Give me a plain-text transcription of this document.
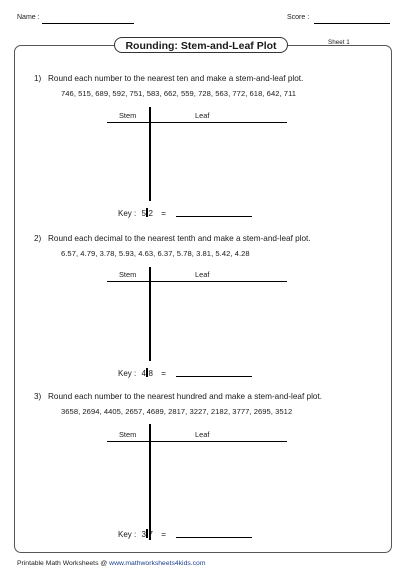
Name :	Score :
Rounding: Stem-and-Leaf Plot	Sheet 1
1) Round each number to the nearest ten and make a stem-and-leaf plot.
746, 515, 689, 592, 751, 583, 662, 559, 728, 563, 772, 618, 642, 711
Stem	Leaf
Key : 5 2 =
2) Round each decimal to the nearest tenth and make a stem-and-leaf plot.
6.57, 4.79, 3.78, 5.93, 4.63, 6.37, 5.78, 3.81, 5.42, 4.28
Stem	Leaf
Key : 4 8 =
3) Round each number to the nearest hundred and make a stem-and-leaf plot.
3658, 2694, 4405, 2657, 4689, 2817, 3227, 2182, 3777, 2695, 3512
Stem	Leaf
Key : 3 7 =
Printable Math Worksheets @ www.mathworksheets4kids.com
